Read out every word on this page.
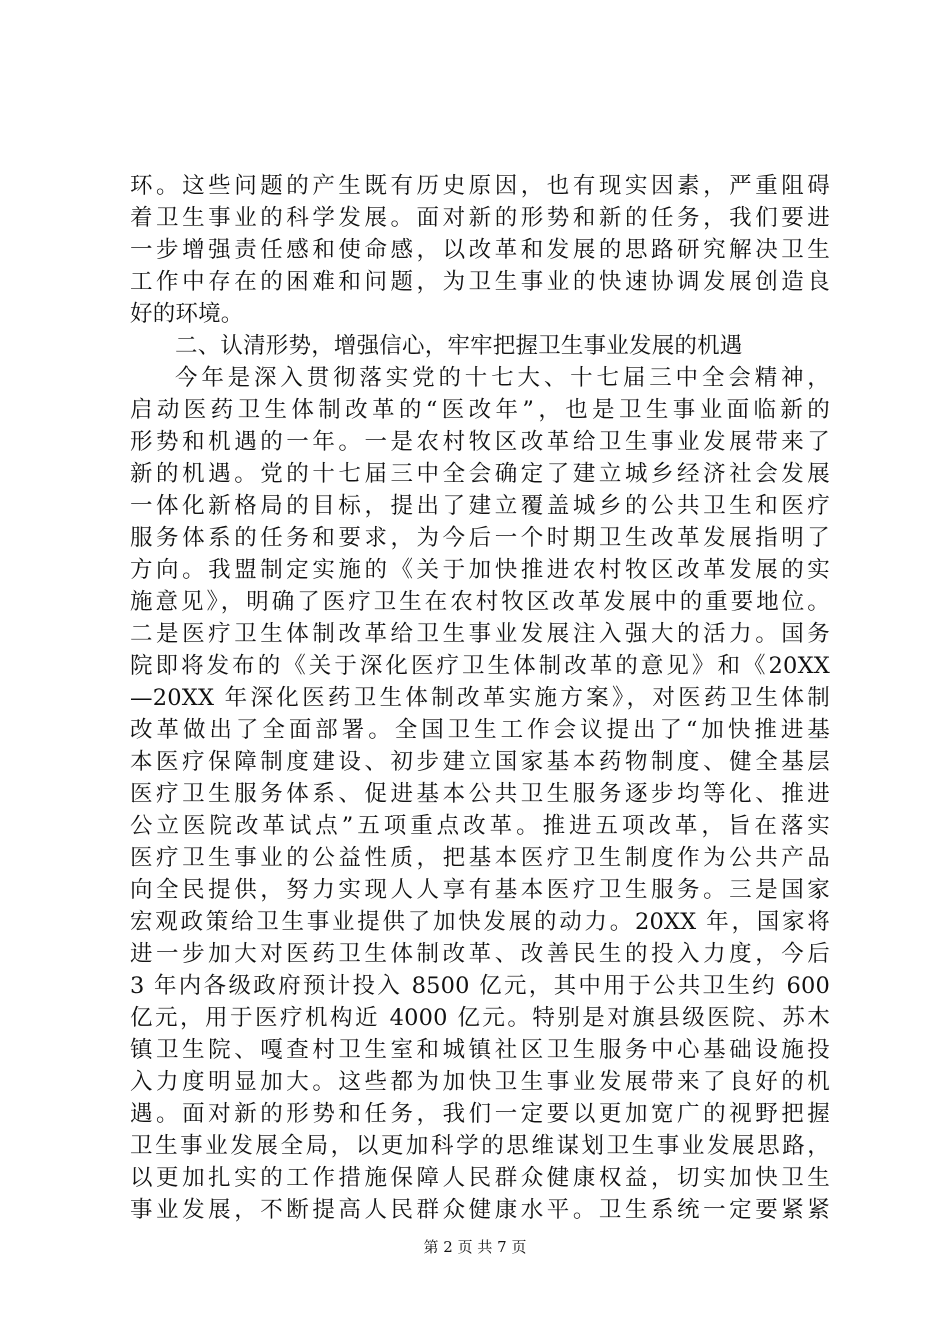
环。这些问题的产生既有历史原因，也有现实因素，严重阻碍
着卫生事业的科学发展。面对新的形势和新的任务，我们要进
一步增强责任感和使命感，以改革和发展的思路研究解决卫生
工作中存在的困难和问题，为卫生事业的快速协调发展创造良
好的环境。
二、认清形势，增强信心，牢牢把握卫生事业发展的机遇
今年是深入贯彻落实党的十七大、十七届三中全会精神，
启动医药卫生体制改革的“医改年”，也是卫生事业面临新的
形势和机遇的一年。一是农村牧区改革给卫生事业发展带来了
新的机遇。党的十七届三中全会确定了建立城乡经济社会发展
一体化新格局的目标，提出了建立覆盖城乡的公共卫生和医疗
服务体系的任务和要求，为今后一个时期卫生改革发展指明了
方向。我盟制定实施的《关于加快推进农村牧区改革发展的实
施意见》，明确了医疗卫生在农村牧区改革发展中的重要地位。
二是医疗卫生体制改革给卫生事业发展注入强大的活力。国务
院即将发布的《关于深化医疗卫生体制改革的意见》和《20XX
—20XX 年深化医药卫生体制改革实施方案》，对医药卫生体制
改革做出了全面部署。全国卫生工作会议提出了“加快推进基
本医疗保障制度建设、初步建立国家基本药物制度、健全基层
医疗卫生服务体系、促进基本公共卫生服务逐步均等化、推进
公立医院改革试点”五项重点改革。推进五项改革，旨在落实
医疗卫生事业的公益性质，把基本医疗卫生制度作为公共产品
向全民提供，努力实现人人享有基本医疗卫生服务。三是国家
宏观政策给卫生事业提供了加快发展的动力。20XX 年，国家将
进一步加大对医药卫生体制改革、改善民生的投入力度，今后
3 年内各级政府预计投入 8500 亿元，其中用于公共卫生约 600
亿元，用于医疗机构近 4000 亿元。特别是对旗县级医院、苏木
镇卫生院、嘎查村卫生室和城镇社区卫生服务中心基础设施投
入力度明显加大。这些都为加快卫生事业发展带来了良好的机
遇。面对新的形势和任务，我们一定要以更加宽广的视野把握
卫生事业发展全局，以更加科学的思维谋划卫生事业发展思路，
以更加扎实的工作措施保障人民群众健康权益，切实加快卫生
事业发展，不断提高人民群众健康水平。卫生系统一定要紧紧
第 2 页 共 7 页
